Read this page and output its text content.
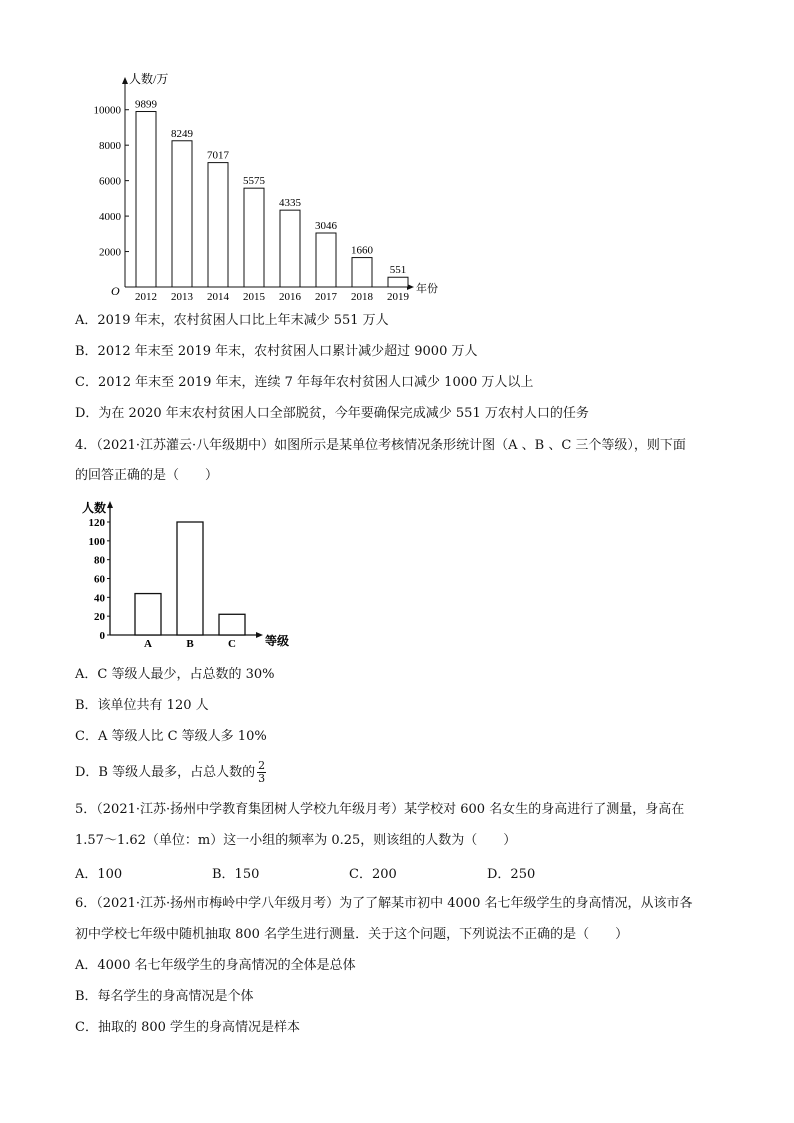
人数/万
年份
O
2000
4000
6000
8000
10000
9899
2012
8249
2013
7017
2014
5575
2015
4335
2016
3046
2017
1660
2018
551
2019
A．2019 年末，农村贫困人口比上年末减少 551 万人
B．2012 年末至 2019 年末，农村贫困人口累计减少超过 9000 万人
C．2012 年末至 2019 年末，连续 7 年每年农村贫困人口减少 1000 万人以上
D．为在 2020 年末农村贫困人口全部脱贫，今年要确保完成减少 551 万农村人口的任务
4．（2021·江苏灌云·八年级期中）如图所示是某单位考核情况条形统计图（A 、B 、C 三个等级），则下面
的回答正确的是（　　）
人数
等级
0
20
40
60
80
100
120
A	B	C
A．C 等级人最少，占总数的 30%
B．该单位共有 120 人
C．A 等级人比 C 等级人多 10%
D．B 等级人最多，占总人数的 $\frac{2}{3}$
5．（2021·江苏·扬州中学教育集团树人学校九年级月考）某学校对 600 名女生的身高进行了测量，身高在
1.57～1.62（单位：m）这一小组的频率为 0.25，则该组的人数为（　　）
A．100	B．150	C．200	D．250
6．（2021·江苏·扬州市梅岭中学八年级月考）为了了解某市初中 4000 名七年级学生的身高情况，从该市各
初中学校七年级中随机抽取 800 名学生进行测量．关于这个问题，下列说法不正确的是（　　）
A．4000 名七年级学生的身高情况的全体是总体
B．每名学生的身高情况是个体
C．抽取的 800 学生的身高情况是样本
